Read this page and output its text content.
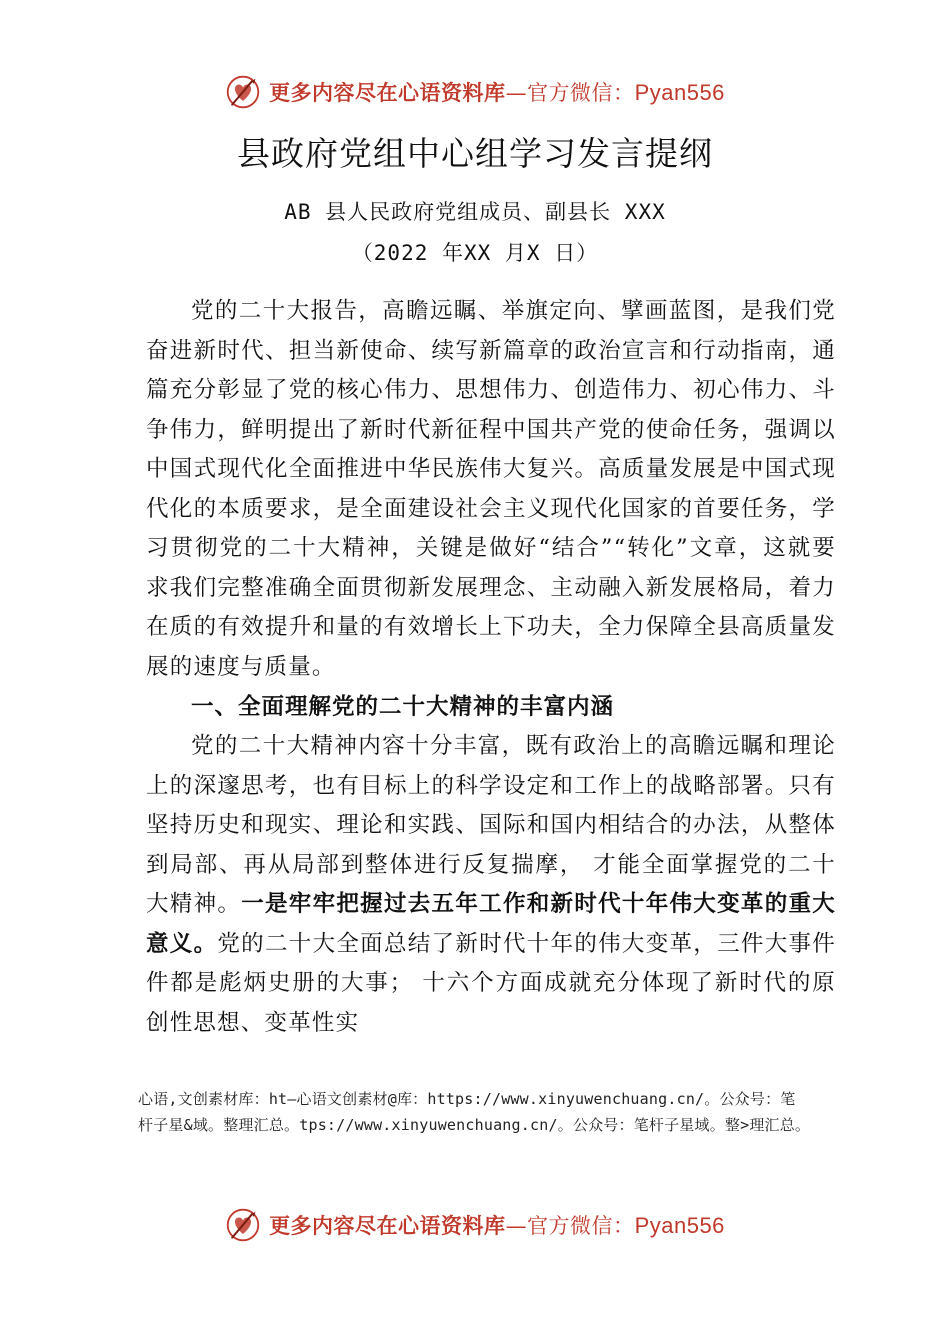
更多内容尽在心语资料库—官方微信：Pyan556
县政府党组中心组学习发言提纲
AB 县人民政府党组成员、副县长 XXX
（2022 年XX 月X 日）

党的二十大报告，高瞻远瞩、举旗定向、擘画蓝图，是我们党奋进新时代、担当新使命、续写新篇章的政治宣言和行动指南，通篇充分彰显了党的核心伟力、思想伟力、创造伟力、初心伟力、斗争伟力，鲜明提出了新时代新征程中国共产党的使命任务，强调以中国式现代化全面推进中华民族伟大复兴。高质量发展是中国式现代化的本质要求，是全面建设社会主义现代化国家的首要任务，学习贯彻党的二十大精神，关键是做好“结合”“转化”文章，这就要求我们完整准确全面贯彻新发展理念、主动融入新发展格局，着力在质的有效提升和量的有效增长上下功夫，全力保障全县高质量发展的速度与质量。

一、全面理解党的二十大精神的丰富内涵

党的二十大精神内容十分丰富，既有政治上的高瞻远瞩和理论上的深邃思考，也有目标上的科学设定和工作上的战略部署。只有坚持历史和现实、理论和实践、国际和国内相结合的办法，从整体到局部、再从局部到整体进行反复揣摩， 才能全面掌握党的二十大精神。一是牢牢把握过去五年工作和新时代十年伟大变革的重大意义。党的二十大全面总结了新时代十年的伟大变革，三件大事件件都是彪炳史册的大事； 十六个方面成就充分体现了新时代的原创性思想、变革性实

心语,文创素材库：ht—心语文创素材@库：https://www.xinyuwenchuang.cn/。公众号：笔
杆子星&域。整理汇总。tps://www.xinyuwenchuang.cn/。公众号：笔杆子星域。整>理汇总。
更多内容尽在心语资料库—官方微信：Pyan556
